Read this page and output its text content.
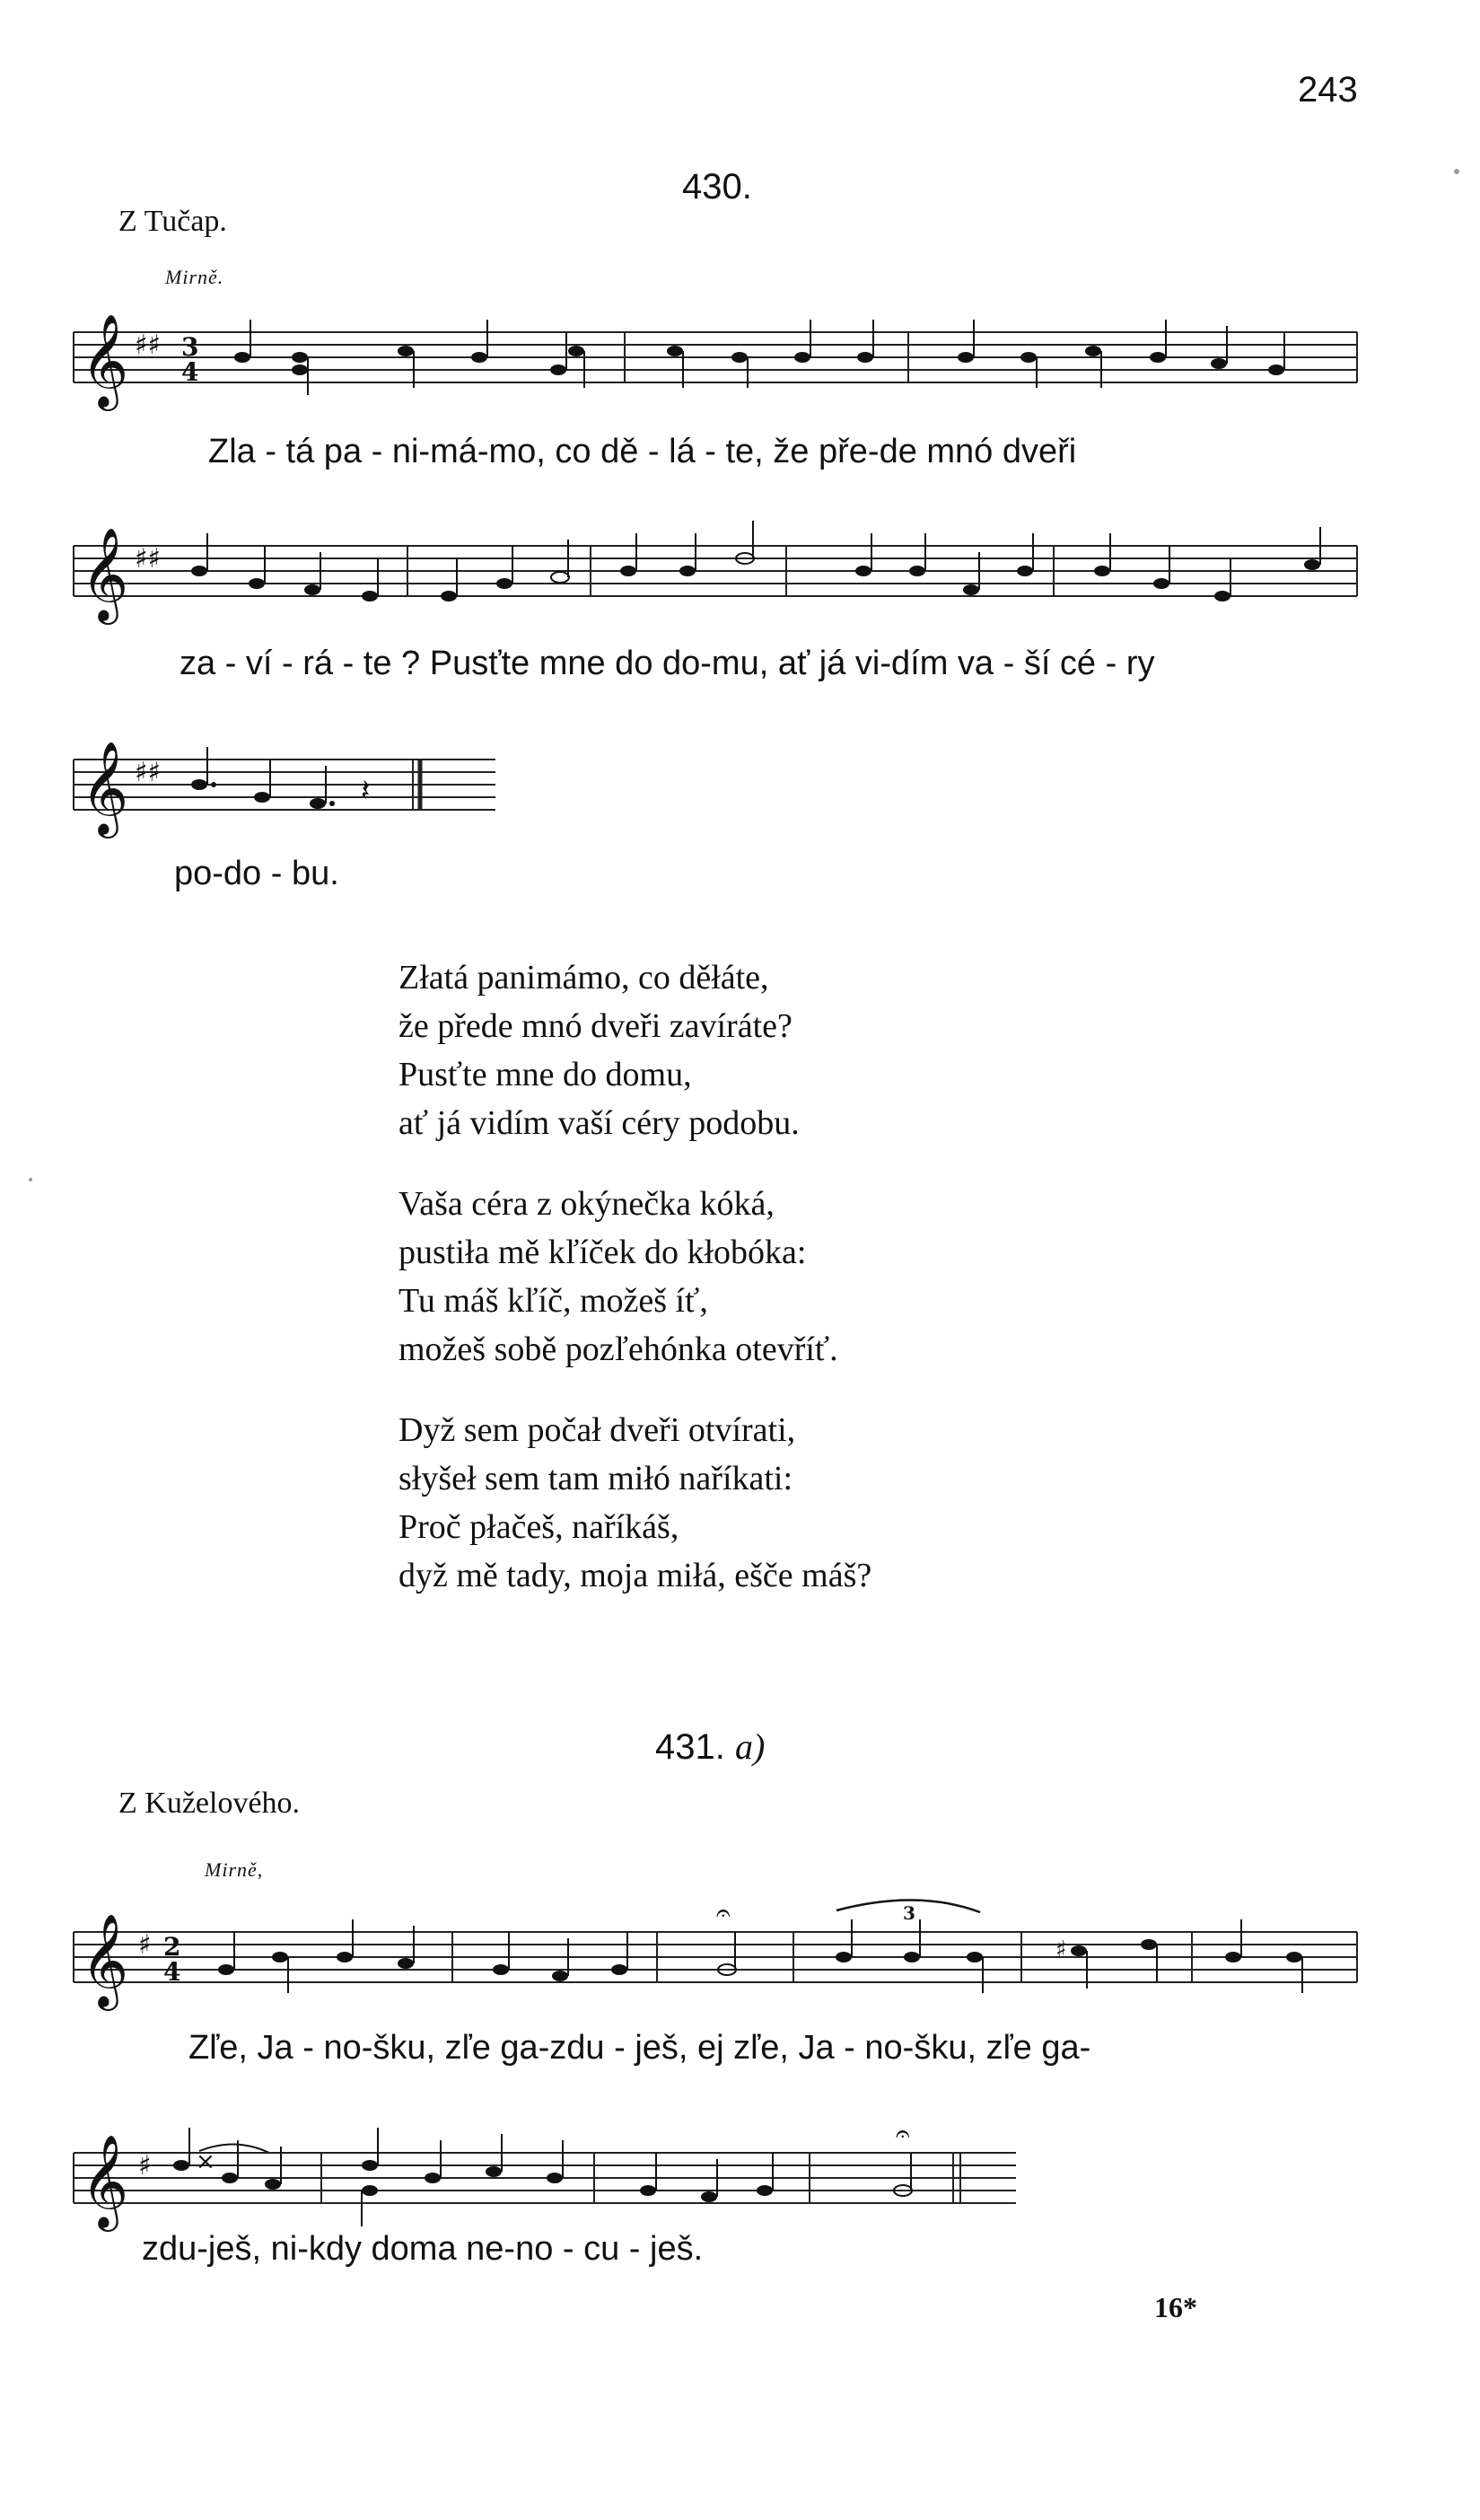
243
430.
Z Tučap.
Mirně.
𝄞 ♯♯ 3
4
Zla - tá pa - ni-má-mo, co dě - lá - te, že pře-de mnó dveři
𝄞 ♯♯
za - ví - rá - te ? Pusťte mne do do-mu, ať já vi-dím va - ší cé - ry
𝄞 ♯♯
𝄽
po-do - bu.
Złatá panimámo, co děłáte,
že přede mnó dveři zavíráte?
Pusťte mne do domu,
ať já vidím vaší céry podobu.
Vaša céra z okýnečka kóká,
pustiła mě kľíček do kłobóka:
Tu máš kľíč, možeš íť,
možeš sobě pozľehónka otevříť.
Dyž sem počał dveři otvírati,
słyšeł sem tam miłó naříkati:
Proč płačeš, naříkáš,
dyž mě tady, moja miłá, ešče máš?
431. a)
Z Kuželového.
Mirně,
3
𝄐
𝄞 ♯ 2
4
♯
Zľe, Ja - no-šku, zľe ga-zdu - ješ, ej zľe, Ja - no-šku, zľe ga-
𝄐
𝄞 ♯ ×
zdu-ješ, ni-kdy doma ne-no - cu - ješ.
16*
